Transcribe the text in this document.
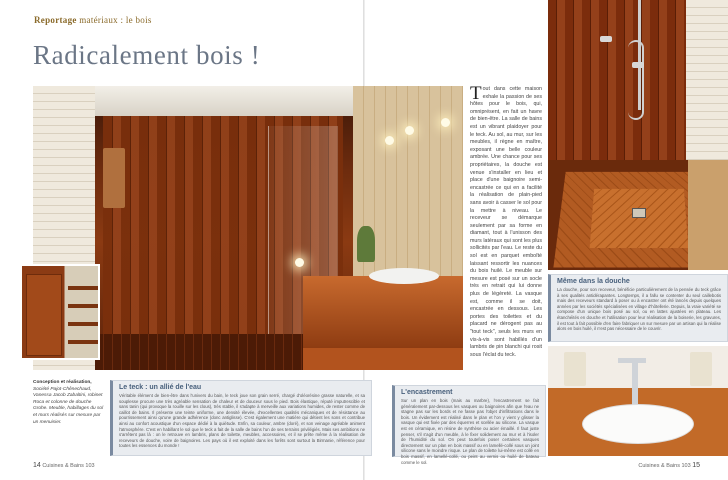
Reportage matériaux : le bois
Radicalement bois !
Tout dans cette maison exhale la passion de ses hôtes pour le bois, qui, omniprésent, en fait un havre de bien-être. La salle de bains est un vibrant plaidoyer pour le teck. Au sol, au mur, sur les meubles, il règne en maître, exposant une belle couleur ambrée. Une chance pour ses propriétaires, la douche est venue s'installer en lieu et place d'une baignoire semi-encastrée ce qui en a facilité la réalisation de plain-pied sans avoir à casser le sol pour la mettre à niveau. Le receveur se démarque seulement par sa forme en diamant, tout à l'unisson des murs latéraux qui sont les plus sollicités par l'eau. Le reste du sol est en parquet emboîté laissant ressortir les nuances du bois huilé. Le meuble sur mesure est posé sur un socle très en retrait qui lui donne plus de légèreté. La vasque est, comme il se doit, encastrée en dessous. Les portes des toilettes et du placard ne dérogent pas au "tout teck", seuls les murs en vis-à-vis sont habillés d'un lambris de pin blanchi qui rosit sous l'éclat du teck.
Même dans la douche

La douche, pour son receveur, bénéficie particulièrement de la pensée du teck grâce à ses qualités antidérapantes. Longtemps, il a fallu se contenter du seul caillebotis mais des receveurs standard à poser ou à encastrer ont été lancés depuis quelques années par les sociétés spécialisées en village d'hôtellerie. Depuis, la vraie variété se compose d'un unique bois posé au sol, ou en lattes ajustées en plateau. Les étanchéités en douche et l'utilisation pour leur réalisation de la boiserie, les gravures, il est tout à fait possible d'en faire fabriquer un sur mesure par un artisan qui la réalise alors en bois huilé, il n'est pas nécessaire de le couvrir.

Conception et réalisation, Société Pajot-Chênechaud, Vanessa Jacob Zabaltini, robinet Roca et colonne de douche Grohe. Meuble, habillages du sol et murs réalisés sur mesure par un menuisier.
Le teck : un allié de l'eau

Véritable élément de bien-être dans l'univers du bain, le teck joue son grain serré, chargé d'oléorésine grasse naturelle, et sa souplesse procure une très agréable sensation de chaleur et de douceur sous le pied. Bois élastique, réputé imputrescible et sans tanin (qui provoque la rouille sur les clous), très stable, il s'adapte à merveille aux variations humides, de rester comme de caillot de bains. Il présente une teinte uniforme, une densité élevée, d'excellentes qualités mécaniques et de résistance au pourrissement ainsi qu'une grande adhérence (donc antiglisse). C'est également une matière qui détient les sons et contribue ainsi au confort acoustique d'un espace dédié à la quiétude. Enfin, sa couleur, ambre (doré), et son veinage agréable animent l'atmosphère. C'est en habillant le sol que le teck a fait de la salle de bains l'un de ses terrains privilégiés. Mais ses ambitions ne s'arrêtent pas là : on le retrouve en lambris, plans de toilette, meubles, accessoires, et il se prête même à la réalisation de receveurs de douche, voire de baignoires. Les pays où il est exploité dans les forêts sont surtout la Birmanie, référence pour toutes les essences du monde !

L'encastrement

Sur un plan en bois (mais au marbre), l'encastrement se fait généralement par-dessous les vasques ou baignoires afin que l'eau ne stagne pas sur les bords et ne fasse pas l'objet d'infiltrations dans le bois. Un évidement est réalisé dans le plan et l'on y vient y glisser la vasque qui est fixée par des équerres et scellée au silicone. La vasque est en céramique, en résine de synthèse ou acier émaillé. Il faut juste penser, s'il s'agit d'un meuble, à le fixer solidement au mur et à l'isoler de l'humidité du sol. On peut toutefois poser certaines vasques directement sur un plan en bois massif ou en lamellé-collé sous un joint silicone sans le moindre risque. Le plan de toilette lui-même est collé en bois massif, en lamellé-collé, ou peint au vernis ou huilé de bateau comme le sol.

14 Cuisines & Bains 103	Cuisines & Bains 103 15
